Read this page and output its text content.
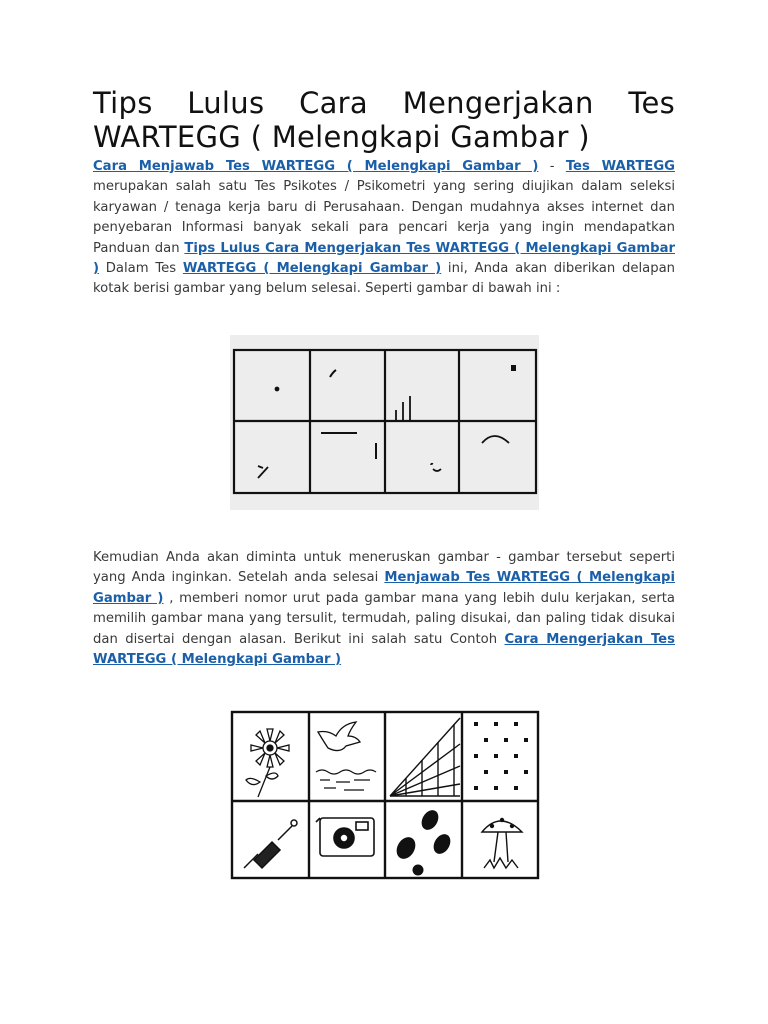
Tips Lulus Cara Mengerjakan Tes WARTEGG ( Melengkapi Gambar )

Cara Menjawab Tes WARTEGG ( Melengkapi Gambar ) - Tes WARTEGG merupakan salah satu Tes Psikotes / Psikometri yang sering diujikan dalam seleksi karyawan / tenaga kerja baru di Perusahaan. Dengan mudahnya akses internet dan penyebaran Informasi banyak sekali para pencari kerja yang ingin mendapatkan Panduan dan Tips Lulus Cara Mengerjakan Tes WARTEGG ( Melengkapi Gambar ) Dalam Tes WARTEGG ( Melengkapi Gambar ) ini, Anda akan diberikan delapan kotak berisi gambar yang belum selesai. Seperti gambar di bawah ini :

Kemudian Anda akan diminta untuk meneruskan gambar - gambar tersebut seperti yang Anda inginkan. Setelah anda selesai Menjawab Tes WARTEGG ( Melengkapi Gambar ) , memberi nomor urut pada gambar mana yang lebih dulu kerjakan, serta memilih gambar mana yang tersulit, termudah, paling disukai, dan paling tidak disukai dan disertai dengan alasan. Berikut ini salah satu Contoh Cara Mengerjakan Tes WARTEGG ( Melengkapi Gambar )
